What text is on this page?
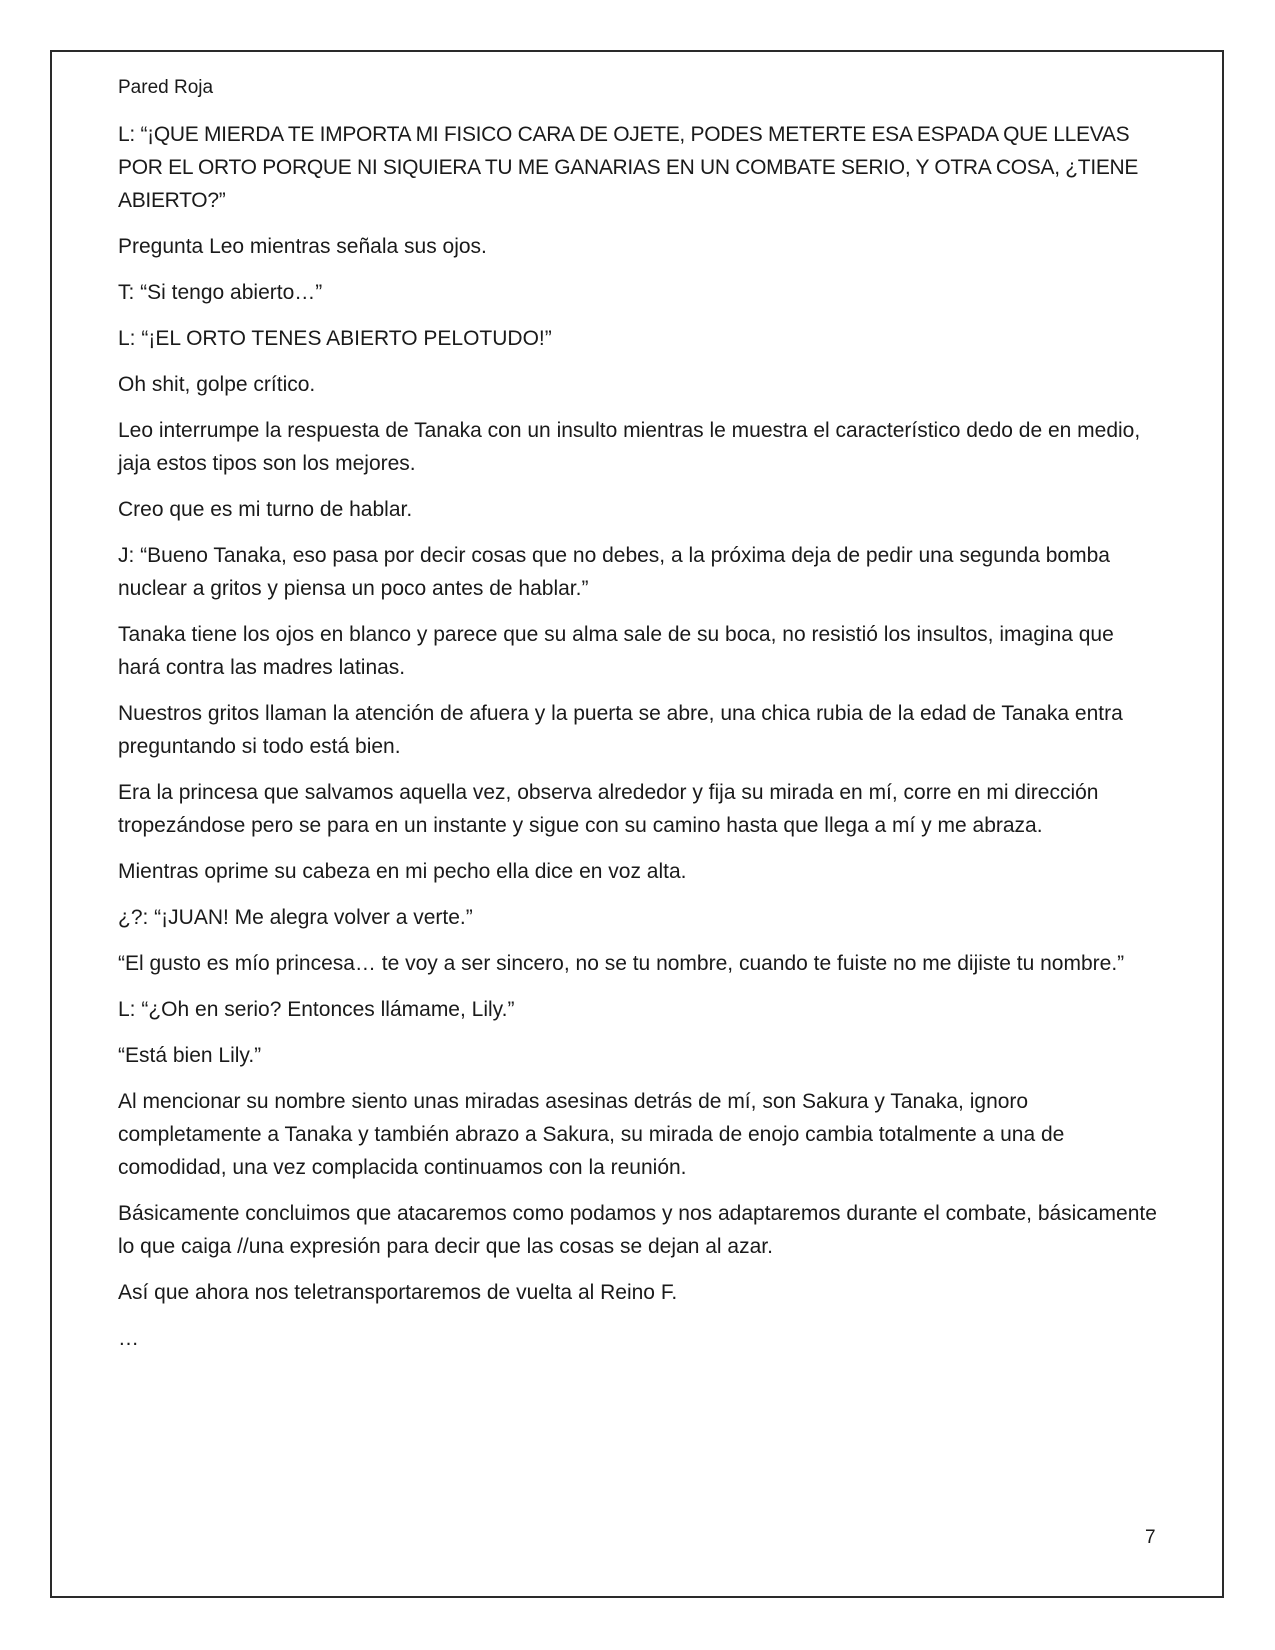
Pared Roja

L: “¡QUE MIERDA TE IMPORTA MI FISICO CARA DE OJETE, PODES METERTE ESA ESPADA QUE LLEVAS POR EL ORTO PORQUE NI SIQUIERA TU ME GANARIAS EN UN COMBATE SERIO, Y OTRA COSA, ¿TIENE ABIERTO?”

Pregunta Leo mientras señala sus ojos.

T: “Si tengo abierto…”

L: “¡EL ORTO TENES ABIERTO PELOTUDO!”

Oh shit, golpe crítico.

Leo interrumpe la respuesta de Tanaka con un insulto mientras le muestra el característico dedo de en medio, jaja estos tipos son los mejores.

Creo que es mi turno de hablar.

J: “Bueno Tanaka, eso pasa por decir cosas que no debes, a la próxima deja de pedir una segunda bomba nuclear a gritos y piensa un poco antes de hablar.”

Tanaka tiene los ojos en blanco y parece que su alma sale de su boca, no resistió los insultos, imagina que hará contra las madres latinas.

Nuestros gritos llaman la atención de afuera y la puerta se abre, una chica rubia de la edad de Tanaka entra preguntando si todo está bien.

Era la princesa que salvamos aquella vez, observa alrededor y fija su mirada en mí, corre en mi dirección tropezándose pero se para en un instante y sigue con su camino hasta que llega a mí y me abraza.

Mientras oprime su cabeza en mi pecho ella dice en voz alta.

¿?: “¡JUAN! Me alegra volver a verte.”

“El gusto es mío princesa… te voy a ser sincero, no se tu nombre, cuando te fuiste no me dijiste tu nombre.”

L: “¿Oh en serio? Entonces llámame, Lily.”

“Está bien Lily.”

Al mencionar su nombre siento unas miradas asesinas detrás de mí, son Sakura y Tanaka, ignoro completamente a Tanaka y también abrazo a Sakura, su mirada de enojo cambia totalmente a una de comodidad, una vez complacida continuamos con la reunión.

Básicamente concluimos que atacaremos como podamos y nos adaptaremos durante el combate, básicamente lo que caiga //una expresión para decir que las cosas se dejan al azar.

Así que ahora nos teletransportaremos de vuelta al Reino F.

…

7
